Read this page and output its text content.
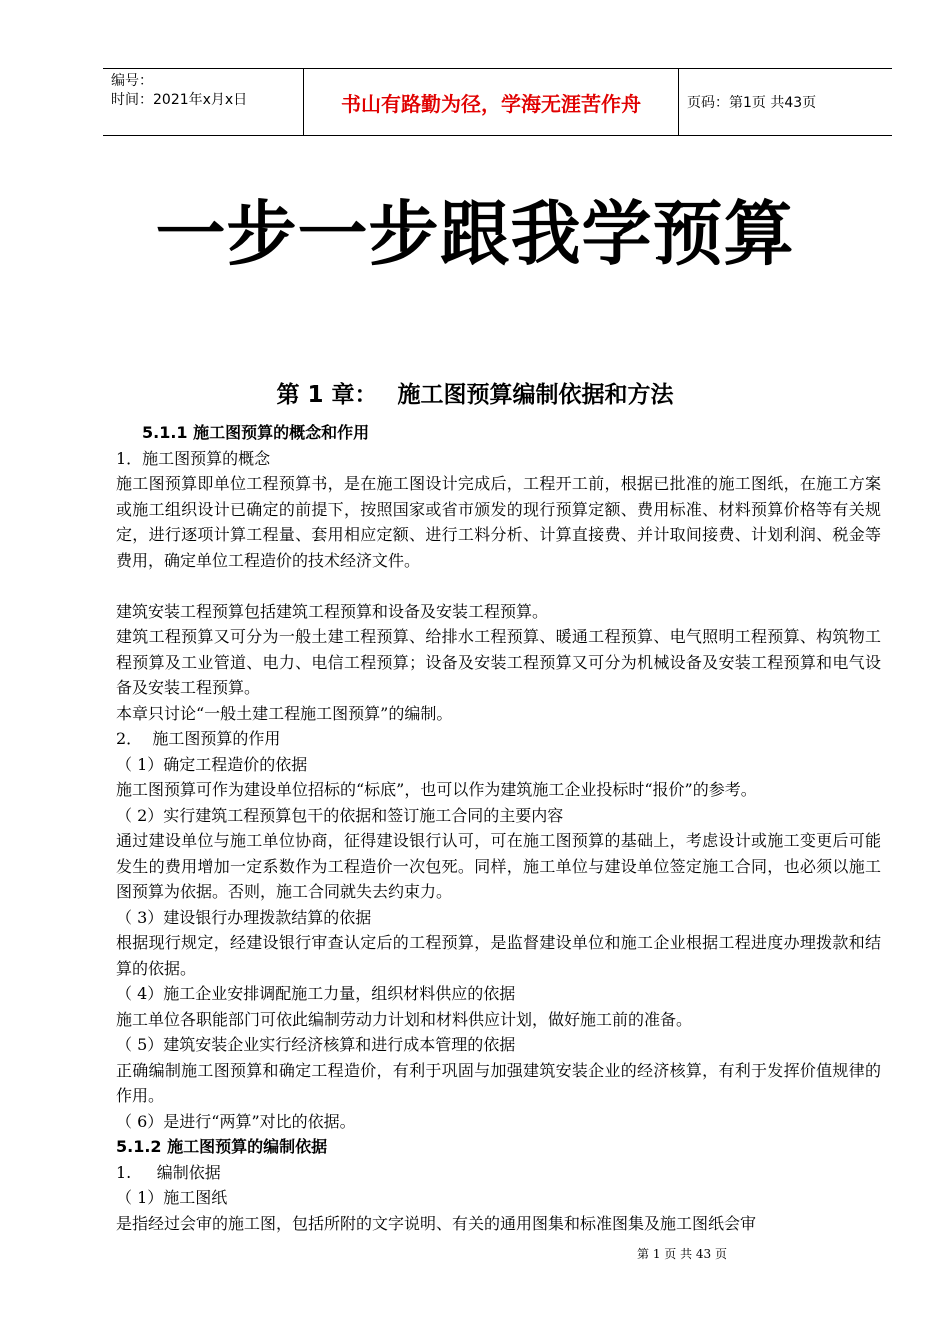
编号：
时间：2021年x月x日	书山有路勤为径，学海无涯苦作舟	页码：第1页 共43页
一步一步跟我学预算
第 1 章： 施工图预算编制依据和方法

5.1.1 施工图预算的概念和作用

1．施工图预算的概念

施工图预算即单位工程预算书，是在施工图设计完成后，工程开工前，根据已批准的施工图纸，在施工方案或施工组织设计已确定的前提下，按照国家或省市颁发的现行预算定额、费用标准、材料预算价格等有关规定，进行逐项计算工程量、套用相应定额、进行工料分析、计算直接费、并计取间接费、计划利润、税金等费用，确定单位工程造价的技术经济文件。

建筑安装工程预算包括建筑工程预算和设备及安装工程预算。

建筑工程预算又可分为一般土建工程预算、给排水工程预算、暖通工程预算、电气照明工程预算、构筑物工程预算及工业管道、电力、电信工程预算；设备及安装工程预算又可分为机械设备及安装工程预算和电气设备及安装工程预算。

本章只讨论“一般土建工程施工图预算”的编制。

2．  施工图预算的作用

（ 1）确定工程造价的依据

施工图预算可作为建设单位招标的“标底”，也可以作为建筑施工企业投标时“报价”的参考。

（ 2）实行建筑工程预算包干的依据和签订施工合同的主要内容

通过建设单位与施工单位协商，征得建设银行认可，可在施工图预算的基础上，考虑设计或施工变更后可能发生的费用增加一定系数作为工程造价一次包死。同样，施工单位与建设单位签定施工合同，也必须以施工图预算为依据。否则，施工合同就失去约束力。

（ 3）建设银行办理拨款结算的依据

根据现行规定，经建设银行审查认定后的工程预算，是监督建设单位和施工企业根据工程进度办理拨款和结算的依据。

（ 4）施工企业安排调配施工力量，组织材料供应的依据

施工单位各职能部门可依此编制劳动力计划和材料供应计划，做好施工前的准备。

（ 5）建筑安装企业实行经济核算和进行成本管理的依据

正确编制施工图预算和确定工程造价，有利于巩固与加强建筑安装企业的经济核算，有利于发挥价值规律的作用。

（ 6）是进行“两算”对比的依据。

5.1.2 施工图预算的编制依据

1.     编制依据

（ 1）施工图纸

是指经过会审的施工图，包括所附的文字说明、有关的通用图集和标准图集及施工图纸会审

第 1 页 共 43 页
